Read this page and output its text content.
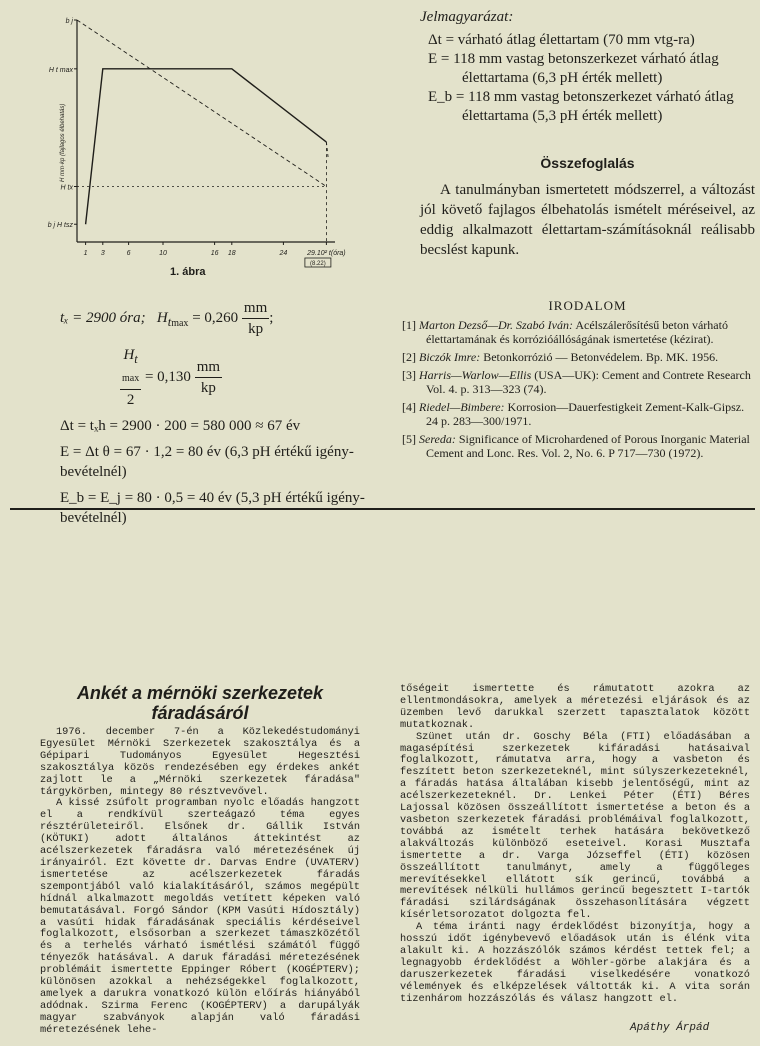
1 3	6	10	16 18	24	29.10² t(óra)
b j
H t max
H tx
b j H tsz
H mm·kp (fajlagos élbehatás)
(8.22)
1. ábra
tₓ = 2900 óra; $H_{tmax} = 0,260 \frac{mm}{kp}$ ;
$H_{t max}$
$2 = 0,130 \frac{mm}{kp}$
Δt = tₓh = 2900 · 200 = 580 000 ≈ 67 év
E = Δt θ = 67 · 1,2 = 80 év (6,3 pH értékű igény-bevételnél)
E_b = E_j = 80 · 0,5 = 40 év (5,3 pH értékű igény-bevételnél)
Jelmagyarázat:
Δt = várható átlag élettartam (70 mm vtg-ra)
E = 118 mm vastag betonszerkezet várható átlag élettartama (6,3 pH érték mellett)
E_b = 118 mm vastag betonszerkezet várható átlag élettartama (5,3 pH érték mellett)
Összefoglalás
A tanulmányban ismertetett módszerrel, a változást jól követő fajlagos élbehatolás ismételt méréseivel, az eddig alkalmazott élettartam-számításoknál reálisabb becslést kapunk.
IRODALOM
[1] Marton Dezső—Dr. Szabó Iván: Acélszálerősítésű beton várható élettartamának és korrózióállóságának ismertetése (kézirat).
[2] Biczók Imre: Betonkorrózió — Betonvédelem. Bp. MK. 1956.
[3] Harris—Warlow—Ellis (USA—UK): Cement and Contrete Research Vol. 4. p. 313—323 (74).
[4] Riedel—Bimbere: Korrosion—Dauerfestigkeit Zement-Kalk-Gipsz. 24 p. 283—300/1971.
[5] Sereda: Significance of Microhardened of Porous Inorganic Material Cement and Lonc. Res. Vol. 2, No. 6. P 717—730 (1972).
Ankét a mérnöki szerkezetek fáradásáról

1976. december 7-én a Közlekedéstudományi Egyesület Mérnöki Szerkezetek szakosztálya és a Gépipari Tudományos Egyesület Hegesztési szakosztálya közös rendezésében egy érdekes ankét zajlott le a „Mérnöki szerkezetek fáradása" tárgykörben, mintegy 80 résztvevővel.

A kissé zsúfolt programban nyolc előadás hangzott el a rendkívül szerteágazó téma egyes résztérületeiről. Elsőnek dr. Gállik István (KÖTUKI) adott általános áttekintést az acélszerkezetek fáradásra való méretezésének új irányairól. Ezt követte dr. Darvas Endre (UVATERV) ismertetése az acélszerkezetek fáradás szempontjából való kialakításáról, számos megépült hídnál alkalmazott megoldás vetített képeken való bemutatásával. Forgó Sándor (KPM Vasúti Hídosztály) a vasúti hidak fáradásának speciális kérdéseivel foglalkozott, elsősorban a szerkezet támaszközétől és a terhelés várható ismétlési számától függő tényezők hatásával. A daruk fáradási méretezésének problémáit ismertette Eppinger Róbert (KOGÉPTERV); különösen azokkal a nehézségekkel foglalkozott, amelyek a darukra vonatkozó külön előírás hiányából adódnak. Szirma Ferenc (KOGÉPTERV) a darupályák magyar szabványok alapján való fáradási méretezésének lehe-

tőségeit ismertette és rámutatott azokra az ellentmondásokra, amelyek a méretezési eljárások és az üzemben levő darukkal szerzett tapasztalatok között mutatkoznak.

Szünet után dr. Goschy Béla (FTI) előadásában a magasépítési szerkezetek kifáradási hatásaival foglalkozott, rámutatva arra, hogy a vasbeton és feszített beton szerkezeteknél, mint súlyszerkezeteknél, a fáradás hatása általában kisebb jelentőségű, mint az acélszerkezeteknél. Dr. Lenkei Péter (ÉTI) Béres Lajossal közösen összeállított ismertetése a beton és a vasbeton szerkezetek fáradási problémáival foglalkozott, továbbá az ismételt terhek hatására bekövetkező alakváltozás különböző eseteivel. Korasi Musztafa ismertette a dr. Varga Józseffel (ÉTI) közösen összeállított tanulmányt, amely a függőleges merevítésekkel ellátott sík gerincű, továbbá a merevítések nélküli hullámos gerincű begesztett I-tartók fáradási szilárdságának összehasonlítására végzett kísérletsorozatot dolgozta fel.

A téma iránti nagy érdeklődést bizonyítja, hogy a hosszú időt igénybevevő előadások után is élénk vita alakult ki. A hozzászólók számos kérdést tettek fel; a legnagyobb érdeklődést a Wöhler-görbe alakjára és a daruszerkezetek fáradási viselkedésére vonatkozó vélemények és elképzelések váltották ki. A vita során tizenhárom hozzászólás és válasz hangzott el.

Apáthy Árpád
